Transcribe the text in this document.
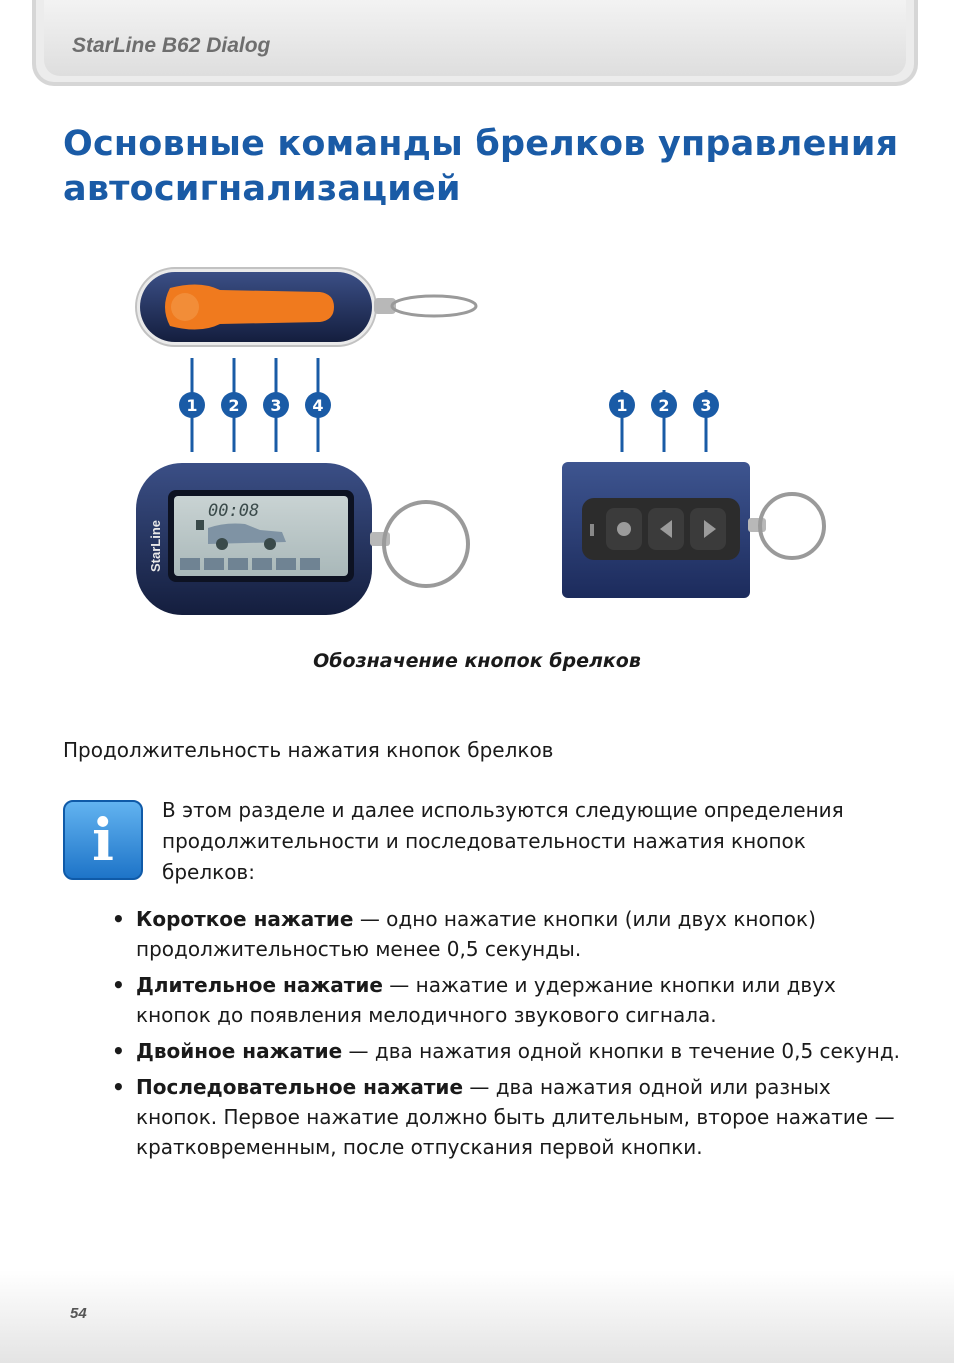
StarLine B62 Dialog
Основные команды брелков управления автосигнализацией
1 2 3 4
00:08
StarLine
1 2 3
Обозначение кнопок брелков
Продолжительность нажатия кнопок брелков
i	В этом разделе и далее используются следующие определения продолжительности и последовательности нажатия кнопок брелков:
• Короткое нажатие — одно нажатие кнопки (или двух кнопок) продолжительностью менее 0,5 секунды.
• Длительное нажатие — нажатие и удержание кнопки или двух кнопок до появления мелодичного звукового сигнала.
• Двойное нажатие — два нажатия одной кнопки в течение 0,5 секунд.
• Последовательное нажатие — два нажатия одной или разных кнопок. Первое нажатие должно быть длительным, второе нажатие — кратковременным, после отпускания первой кнопки.
54
